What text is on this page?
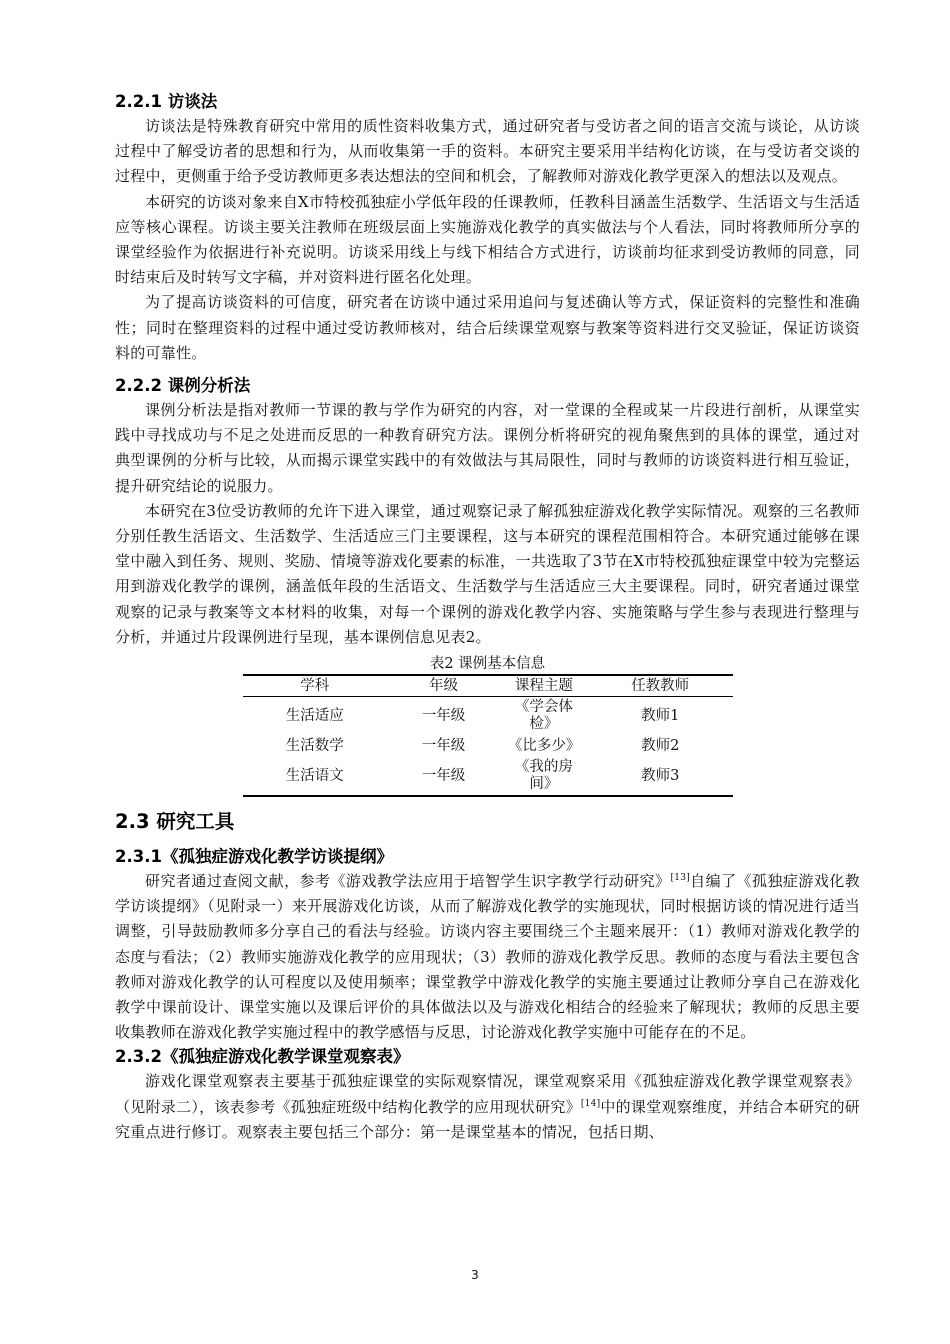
2.2.1 访谈法

访谈法是特殊教育研究中常用的质性资料收集方式，通过研究者与受访者之间的语言交流与谈论，从访谈过程中了解受访者的思想和行为，从而收集第一手的资料。本研究主要采用半结构化访谈，在与受访者交谈的过程中，更侧重于给予受访教师更多表达想法的空间和机会，了解教师对游戏化教学更深入的想法以及观点。

本研究的访谈对象来自X市特校孤独症小学低年段的任课教师，任教科目涵盖生活数学、生活语文与生活适应等核心课程。访谈主要关注教师在班级层面上实施游戏化教学的真实做法与个人看法，同时将教师所分享的课堂经验作为依据进行补充说明。访谈采用线上与线下相结合方式进行，访谈前均征求到受访教师的同意，同时结束后及时转写文字稿，并对资料进行匿名化处理。

为了提高访谈资料的可信度，研究者在访谈中通过采用追问与复述确认等方式，保证资料的完整性和准确性；同时在整理资料的过程中通过受访教师核对，结合后续课堂观察与教案等资料进行交叉验证，保证访谈资料的可靠性。

2.2.2 课例分析法

课例分析法是指对教师一节课的教与学作为研究的内容，对一堂课的全程或某一片段进行剖析，从课堂实践中寻找成功与不足之处进而反思的一种教育研究方法。课例分析将研究的视角聚焦到的具体的课堂，通过对典型课例的分析与比较，从而揭示课堂实践中的有效做法与其局限性，同时与教师的访谈资料进行相互验证，提升研究结论的说服力。

本研究在3位受访教师的允许下进入课堂，通过观察记录了解孤独症游戏化教学实际情况。观察的三名教师分别任教生活语文、生活数学、生活适应三门主要课程，这与本研究的课程范围相符合。本研究通过能够在课堂中融入到任务、规则、奖励、情境等游戏化要素的标准，一共选取了3节在X市特校孤独症课堂中较为完整运用到游戏化教学的课例，涵盖低年段的生活语文、生活数学与生活适应三大主要课程。同时，研究者通过课堂观察的记录与教案等文本材料的收集，对每一个课例的游戏化教学内容、实施策略与学生参与表现进行整理与分析，并通过片段课例进行呈现，基本课例信息见表2。

表2 课例基本信息
学科	年级	课程主题	任教教师
生活适应	一年级	《学会体检》	教师1
生活数学	一年级	《比多少》	教师2
生活语文	一年级	《我的房间》	教师3
2.3 研究工具
2.3.1《孤独症游戏化教学访谈提纲》

研究者通过查阅文献，参考《游戏教学法应用于培智学生识字教学行动研究》[13]自编了《孤独症游戏化教学访谈提纲》（见附录一）来开展游戏化访谈，从而了解游戏化教学的实施现状，同时根据访谈的情况进行适当调整，引导鼓励教师多分享自己的看法与经验。访谈内容主要围绕三个主题来展开：（1）教师对游戏化教学的态度与看法；（2）教师实施游戏化教学的应用现状；（3）教师的游戏化教学反思。教师的态度与看法主要包含教师对游戏化教学的认可程度以及使用频率；课堂教学中游戏化教学的实施主要通过让教师分享自己在游戏化教学中课前设计、课堂实施以及课后评价的具体做法以及与游戏化相结合的经验来了解现状；教师的反思主要收集教师在游戏化教学实施过程中的教学感悟与反思，讨论游戏化教学实施中可能存在的不足。

2.3.2《孤独症游戏化教学课堂观察表》

游戏化课堂观察表主要基于孤独症课堂的实际观察情况，课堂观察采用《孤独症游戏化教学课堂观察表》（见附录二），该表参考《孤独症班级中结构化教学的应用现状研究》[14]中的课堂观察维度，并结合本研究的研究重点进行修订。观察表主要包括三个部分：第一是课堂基本的情况，包括日期、

3
